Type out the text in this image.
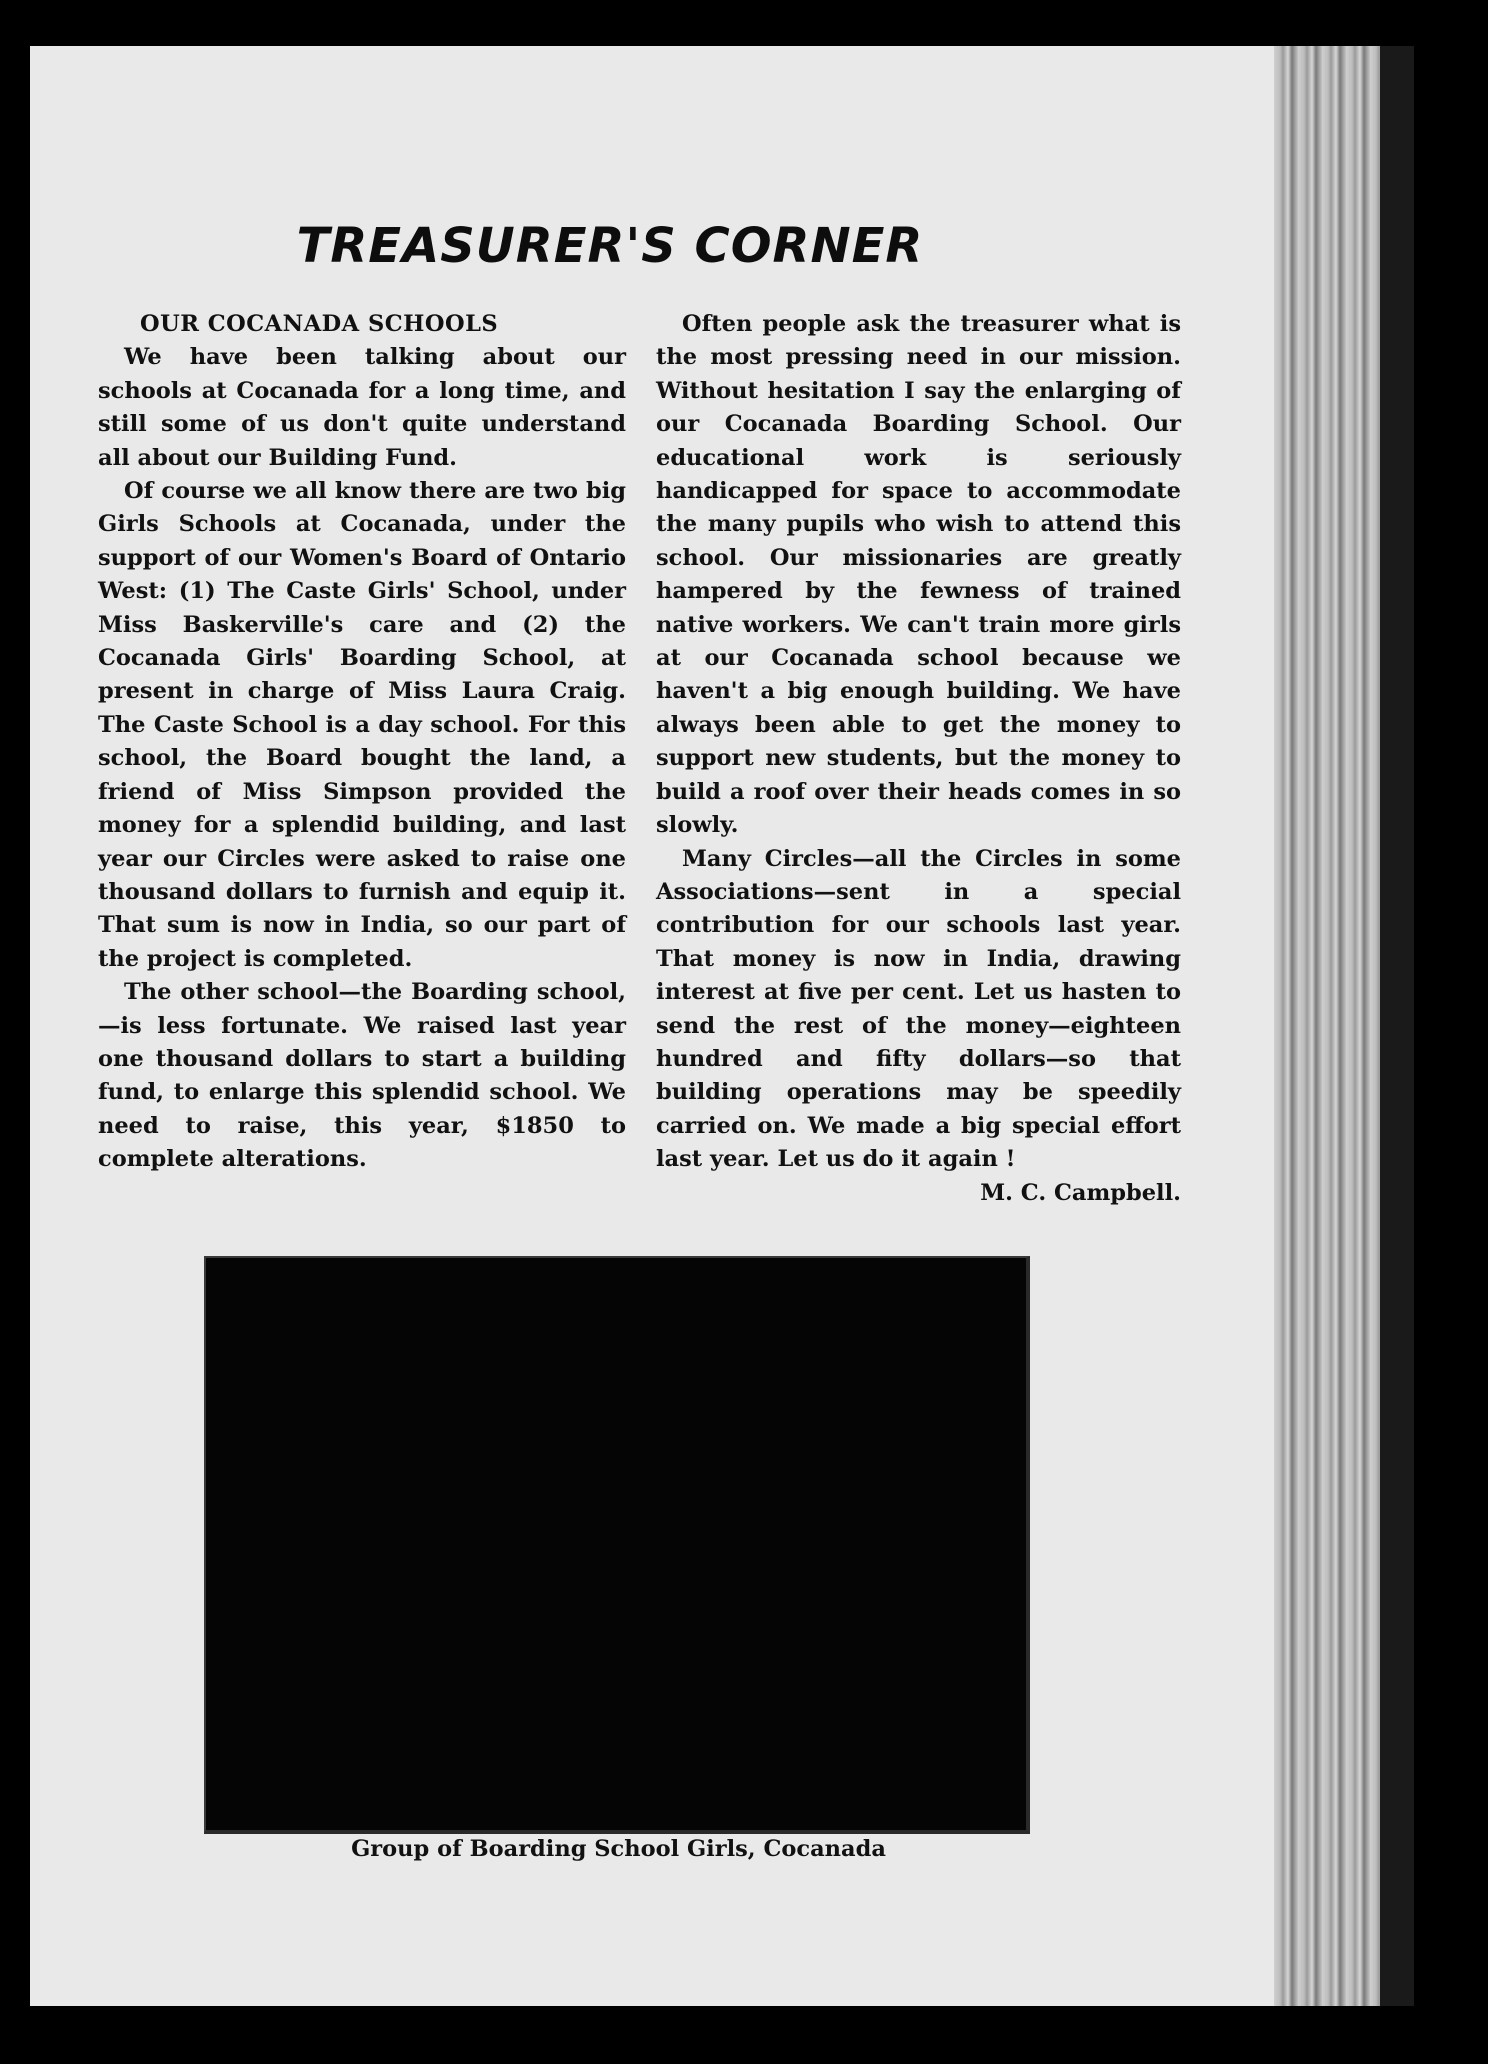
TREASURER'S CORNER
OUR COCANADA SCHOOLS

We have been talking about our schools at Cocanada for a long time, and still some of us don't quite understand all about our Building Fund.

Of course we all know there are two big Girls Schools at Cocanada, under the support of our Women's Board of Ontario West: (1) The Caste Girls' School, under Miss Baskerville's care and (2) the Cocanada Girls' Boarding School, at present in charge of Miss Laura Craig. The Caste School is a day school. For this school, the Board bought the land, a friend of Miss Simpson provided the money for a splendid building, and last year our Circles were asked to raise one thousand dollars to furnish and equip it. That sum is now in India, so our part of the project is completed.

The other school—the Boarding school, —is less fortunate. We raised last year one thousand dollars to start a building fund, to enlarge this splendid school. We need to raise, this year, $1850 to complete alterations.

Often people ask the treasurer what is the most pressing need in our mission. Without hesitation I say the enlarging of our Cocanada Boarding School. Our educational work is seriously handicapped for space to accommodate the many pupils who wish to attend this school. Our missionaries are greatly hampered by the fewness of trained native workers. We can't train more girls at our Cocanada school because we haven't a big enough building. We have always been able to get the money to support new students, but the money to build a roof over their heads comes in so slowly.

Many Circles—all the Circles in some Associations—sent in a special contribution for our schools last year. That money is now in India, drawing interest at five per cent. Let us hasten to send the rest of the money—eighteen hundred and fifty dollars—so that building operations may be speedily carried on. We made a big special effort last year. Let us do it again !

M. C. Campbell.

Group of Boarding School Girls, Cocanada
